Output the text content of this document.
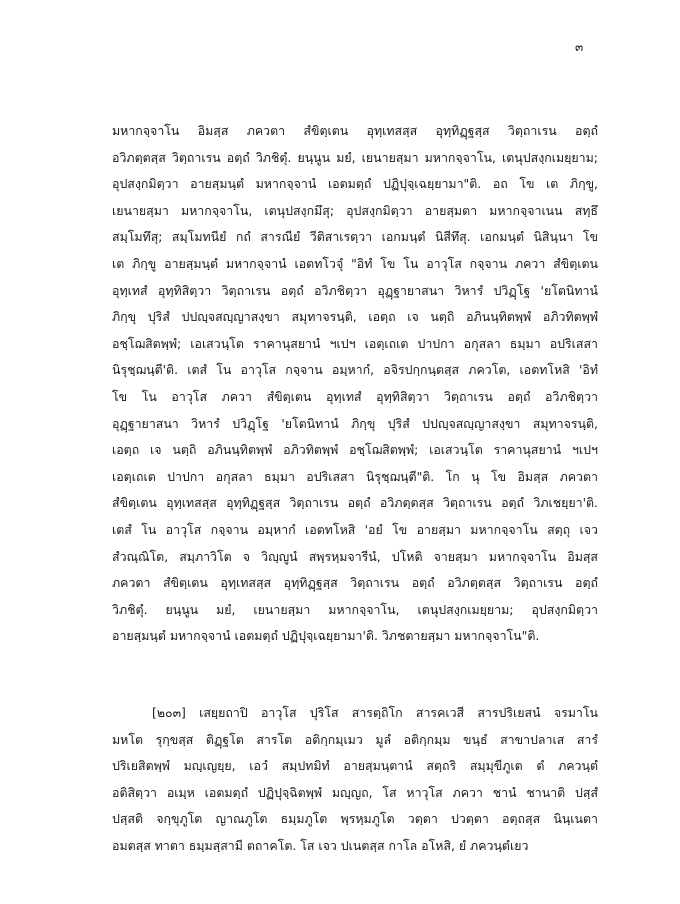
๓
มหากจฺจาโน อิมสฺส ภควตา สํขิตฺเตน อุทฺเทสสฺส อุทฺทิฏฺฐสฺส วิตฺถาเรน อตฺถํ
อวิภตฺตสฺส วิตฺถาเรน อตฺถํ วิภชิตุํ. ยนฺนูน มยํ, เยนายสฺมา มหากจฺจาโน, เตนุปสงฺกเมยฺยาม;
อุปสงฺกมิตฺวา อายสฺมนฺตํ มหากจฺจานํ เอตมตฺถํ ปฏิปุจฺเฉยฺยามา"ติ. อถ โข เต ภิกฺขู,
เยนายสฺมา มหากจฺจาโน, เตนุปสงฺกมึสุ; อุปสงฺกมิตฺวา อายสฺมตา มหากจฺจาเนน สทฺธึ
สมฺโมทึสุ; สมฺโมทนียํ กถํ สารณียํ วีติสาเรตฺวา เอกมนฺตํ นิสีทึสุ. เอกมนฺตํ นิสินฺนา โข
เต ภิกฺขู อายสฺมนฺตํ มหากจฺจานํ เอตทโวจุํ "อิทํ โข โน อาวุโส กจฺจาน ภควา สํขิตฺเตน
อุทฺเทสํ อุทฺทิสิตฺวา วิตฺถาเรน อตฺถํ อวิภชิตฺวา อุฏฺฐายาสนา วิหารํ ปวิฏฺโฐ 'ยโตนิทานํ
ภิกฺขุ ปุริสํ ปปญฺจสญฺญาสงฺขา สมุทาจรนฺติ, เอตฺถ เจ นตฺถิ อภินนฺทิตพฺพํ อภิวทิตพฺพํ
อชฺโฌสิตพฺพํ; เอเสวนฺโต ราคานุสยานํ ฯเปฯ เอตฺเถเต ปาปกา อกุสลา ธมฺมา อปริเสสา
นิรุชฺฌนฺตี'ติ. เตสํ โน อาวุโส กจฺจาน อมฺหากํ, อจิรปกฺกนฺตสฺส ภควโต, เอตทโหสิ 'อิทํ
โข โน อาวุโส ภควา สํขิตฺเตน อุทฺเทสํ อุทฺทิสิตฺวา วิตฺถาเรน อตฺถํ อวิภชิตฺวา
อุฏฺฐายาสนา วิหารํ ปวิฏฺโฐ 'ยโตนิทานํ ภิกฺขุ ปุริสํ ปปญฺจสญฺญาสงฺขา สมุทาจรนฺติ,
เอตฺถ เจ นตฺถิ อภินนฺทิตพฺพํ อภิวทิตพฺพํ อชฺโฌสิตพฺพํ; เอเสวนฺโต ราคานุสยานํ ฯเปฯ
เอตฺเถเต ปาปกา อกุสลา ธมฺมา อปริเสสา นิรุชฺฌนฺตี"ติ. โก นุ โข อิมสฺส ภควตา
สํขิตฺเตน อุทฺเทสสฺส อุทฺทิฏฺฐสฺส วิตฺถาเรน อตฺถํ อวิภตฺตสฺส วิตฺถาเรน อตฺถํ วิภเชยฺยา'ติ.
เตสํ โน อาวุโส กจฺจาน อมฺหากํ เอตทโหสิ 'อยํ โข อายสฺมา มหากจฺจาโน สตฺถุ เจว
สํวณฺณิโต, สมฺภาวิโต จ วิญฺญูนํ สพฺรหฺมจารีนํ, ปโหติ จายสฺมา มหากจฺจาโน อิมสฺส
ภควตา สํขิตฺเตน อุทฺเทสสฺส อุทฺทิฏฺฐสฺส วิตฺถาเรน อตฺถํ อวิภตฺตสฺส วิตฺถาเรน อตฺถํ
วิภชิตุํ. ยนฺนูน มยํ, เยนายสฺมา มหากจฺจาโน, เตนุปสงฺกเมยฺยาม; อุปสงฺกมิตฺวา
อายสฺมนฺตํ มหากจฺจานํ เอตมตฺถํ ปฏิปุจฺเฉยฺยามา'ติ. วิภชตายสฺมา มหากจฺจาโน"ติ.
[๒๐๓] เสยฺยถาปิ อาวุโส ปุริโส สารตฺถิโก สารคเวสี สารปริเยสนํ จรมาโน
มหโต รุกฺขสฺส ติฏฺฐโต สารโต อติกฺกมฺเมว มูลํ อติกฺกมฺม ขนฺธํ สาขาปลาเส สารํ
ปริเยสิตพฺพํ มญฺเญยฺย, เอวํ สมฺปทมิทํ อายสฺมนฺตานํ สตฺถริ สมฺมุขีภูเต ตํ ภควนฺตํ
อติสิตฺวา อเมฺห เอตมตฺถํ ปฏิปุจฺฉิตพฺพํ มญฺญถ, โส หาวุโส ภควา ชานํ ชานาติ ปสฺสํ
ปสฺสติ จกฺขุภูโต ญาณภูโต ธมฺมภูโต พฺรหฺมภูโต วตฺตา ปวตฺตา อตฺถสฺส นินฺเนตา
อมตสฺส ทาตา ธมฺมสฺสามี ตถาคโต. โส เจว ปเนตสฺส กาโล อโหสิ, ยํ ภควนฺตํเยว
